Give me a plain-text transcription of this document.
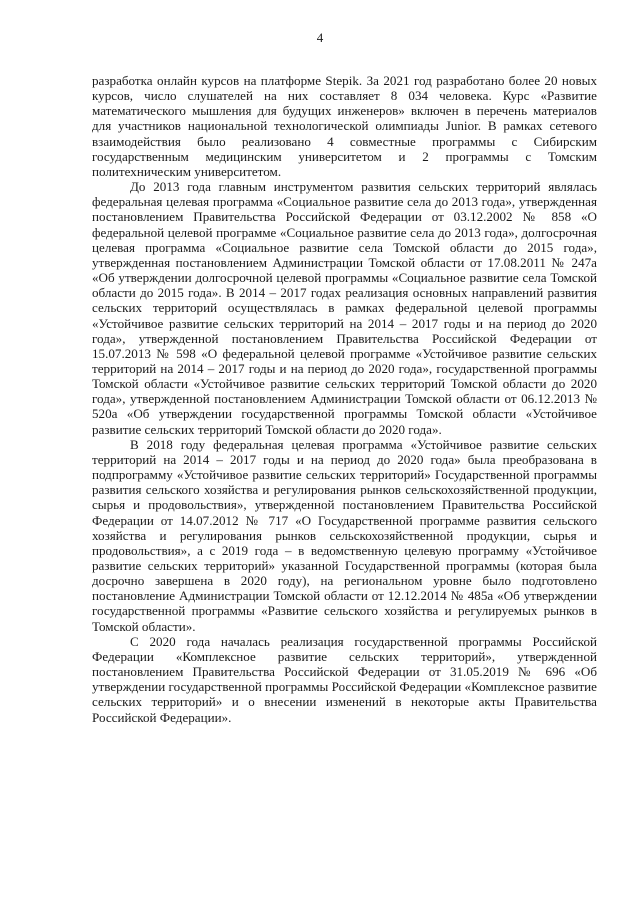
4

разработка онлайн курсов на платформе Stepik. За 2021 год разработано более 20 новых курсов, число слушателей на них составляет 8 034 человека. Курс «Развитие математического мышления для будущих инженеров» включен в перечень материалов для участников национальной технологической олимпиады Junior. В рамках сетевого взаимодействия было реализовано 4 совместные программы с Сибирским государственным медицинским университетом и 2 программы с Томским политехническим университетом.

До 2013 года главным инструментом развития сельских территорий являлась федеральная целевая программа «Социальное развитие села до 2013 года», утвержденная постановлением Правительства Российской Федерации от 03.12.2002 № 858 «О федеральной целевой программе «Социальное развитие села до 2013 года», долгосрочная целевая программа «Социальное развитие села Томской области до 2015 года», утвержденная постановлением Администрации Томской области от 17.08.2011 № 247а «Об утверждении долгосрочной целевой программы «Социальное развитие села Томской области до 2015 года». В 2014 – 2017 годах реализация основных направлений развития сельских территорий осуществлялась в рамках федеральной целевой программы «Устойчивое развитие сельских территорий на 2014 – 2017 годы и на период до 2020 года», утвержденной постановлением Правительства Российской Федерации от 15.07.2013 № 598 «О федеральной целевой программе «Устойчивое развитие сельских территорий на 2014 – 2017 годы и на период до 2020 года», государственной программы Томской области «Устойчивое развитие сельских территорий Томской области до 2020 года», утвержденной постановлением Администрации Томской области от 06.12.2013 № 520а «Об утверждении государственной программы Томской области «Устойчивое развитие сельских территорий Томской области до 2020 года».

В 2018 году федеральная целевая программа «Устойчивое развитие сельских территорий на 2014 – 2017 годы и на период до 2020 года» была преобразована в подпрограмму «Устойчивое развитие сельских территорий» Государственной программы развития сельского хозяйства и регулирования рынков сельскохозяйственной продукции, сырья и продовольствия», утвержденной постановлением Правительства Российской Федерации от 14.07.2012 № 717 «О Государственной программе развития сельского хозяйства и регулирования рынков сельскохозяйственной продукции, сырья и продовольствия», а с 2019 года – в ведомственную целевую программу «Устойчивое развитие сельских территорий» указанной Государственной программы (которая была досрочно завершена в 2020 году), на региональном уровне было подготовлено постановление Администрации Томской области от 12.12.2014 № 485а «Об утверждении государственной программы «Развитие сельского хозяйства и регулируемых рынков в Томской области».

С 2020 года началась реализация государственной программы Российской Федерации «Комплексное развитие сельских территорий», утвержденной постановлением Правительства Российской Федерации от 31.05.2019 № 696 «Об утверждении государственной программы Российской Федерации «Комплексное развитие сельских территорий» и о внесении изменений в некоторые акты Правительства Российской Федерации».
